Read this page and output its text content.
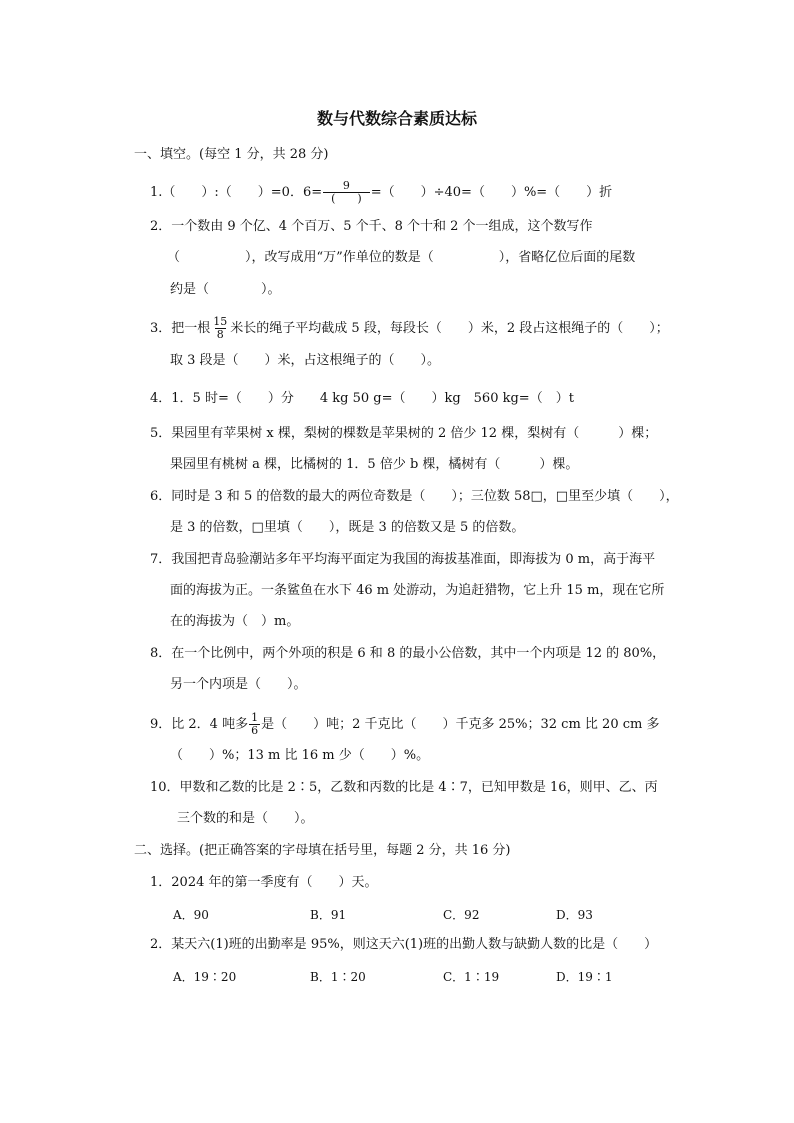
数与代数综合素质达标
一、填空。(每空 1 分，共 28 分)
1.（　　）:（　　）=0．$6= \frac{9}{( )}$ =（　　）÷40=（　　）%=（　　）折
2．一个数由 9 个亿、4 个百万、5 个千、8 个十和 2 个一组成，这个数写作
（　　　　　），改写成用“万”作单位的数是（　　　　　），省略亿位后面的尾数
约是（　　　　）。
3．把一根 $\frac{15}{8}$ 米长的绳子平均截成 5 段，每段长（　　）米，2 段占这根绳子的（　　）；
取 3 段是（　　）米，占这根绳子的（　　）。
4．1．5 时=（　　）分　　4 kg 50 g=（　　）kg　560 kg=（　）t
5．果园里有苹果树 x 棵，梨树的棵数是苹果树的 2 倍少 12 棵，梨树有（　　　）棵；
果园里有桃树 a 棵，比橘树的 1．5 倍少 b 棵，橘树有（　　　）棵。
6．同时是 3 和 5 的倍数的最大的两位奇数是（　　）；三位数 58□，□里至少填（　　），
是 3 的倍数，□里填（　　），既是 3 的倍数又是 5 的倍数。
7．我国把青岛验潮站多年平均海平面定为我国的海拔基准面，即海拔为 0 m，高于海平
面的海拔为正。一条鲨鱼在水下 46 m 处游动，为追赶猎物，它上升 15 m，现在它所
在的海拔为（　）m。
8．在一个比例中，两个外项的积是 6 和 8 的最小公倍数，其中一个内项是 12 的 80%，
另一个内项是（　　）。
9．比 2．4 吨多 $\frac{1}{6}$ 是（　　）吨；2 千克比（　　）千克多 25%；32 cm 比 20 cm 多
（　　）%；13 m 比 16 m 少（　　）%。
10．甲数和乙数的比是 2∶5，乙数和丙数的比是 4∶7，已知甲数是 16，则甲、乙、丙
三个数的和是（　　）。
二、选择。(把正确答案的字母填在括号里，每题 2 分，共 16 分)
1．2024 年的第一季度有（　　）天。
A．90	B．91	C．92	D．93
2．某天六(1)班的出勤率是 95%，则这天六(1)班的出勤人数与缺勤人数的比是（　　）
A．19∶20	B．1∶20	C．1∶19	D．19∶1
